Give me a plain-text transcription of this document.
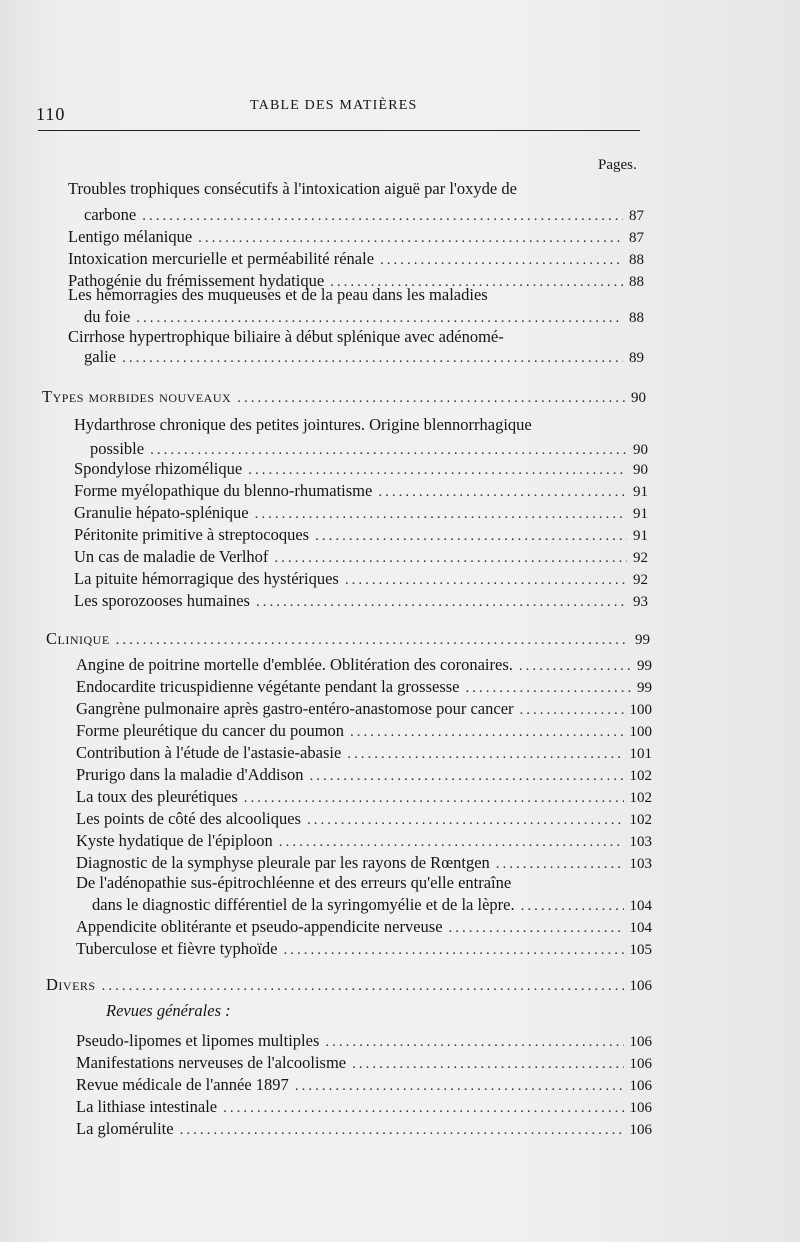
110	TABLE DES MATIÈRES
Pages.
Troubles trophiques consécutifs à l'intoxication aiguë par l'oxyde de
carbone .....	87
Lentigo mélanique .....	87
Intoxication mercurielle et perméabilité rénale .....	88
Pathogénie du frémissement hydatique .....	88
Les hémorragies des muqueuses et de la peau dans les maladies
du foie .....	88
Cirrhose hypertrophique biliaire à début splénique avec adénomé-
galie .....	89
Types morbides nouveaux .....	90
Hydarthrose chronique des petites jointures. Origine blennorrhagique
possible .....	90
Spondylose rhizomélique .....	90
Forme myélopathique du blenno-rhumatisme .....	91
Granulie hépato-splénique .....	91
Péritonite primitive à streptocoques .....	91
Un cas de maladie de Verlhof .....	92
La pituite hémorragique des hystériques .....	92
Les sporozooses humaines .....	93
Clinique .....	99
Angine de poitrine mortelle d'emblée. Oblitération des coronaires. .....	99
Endocardite tricuspidienne végétante pendant la grossesse .....	99
Gangrène pulmonaire après gastro-entéro-anastomose pour cancer .....	100
Forme pleurétique du cancer du poumon .....	100
Contribution à l'étude de l'astasie-abasie .....	101
Prurigo dans la maladie d'Addison .....	102
La toux des pleurétiques .....	102
Les points de côté des alcooliques .....	102
Kyste hydatique de l'épiploon .....	103
Diagnostic de la symphyse pleurale par les rayons de Rœntgen .....	103
De l'adénopathie sus-épitrochléenne et des erreurs qu'elle entraîne
dans le diagnostic différentiel de la syringomyélie et de la lèpre. .....	104
Appendicite oblitérante et pseudo-appendicite nerveuse .....	104
Tuberculose et fièvre typhoïde .....	105
Divers .....	106
Revues générales :
Pseudo-lipomes et lipomes multiples .....	106
Manifestations nerveuses de l'alcoolisme .....	106
Revue médicale de l'année 1897 .....	106
La lithiase intestinale .....	106
La glomérulite .....	106
